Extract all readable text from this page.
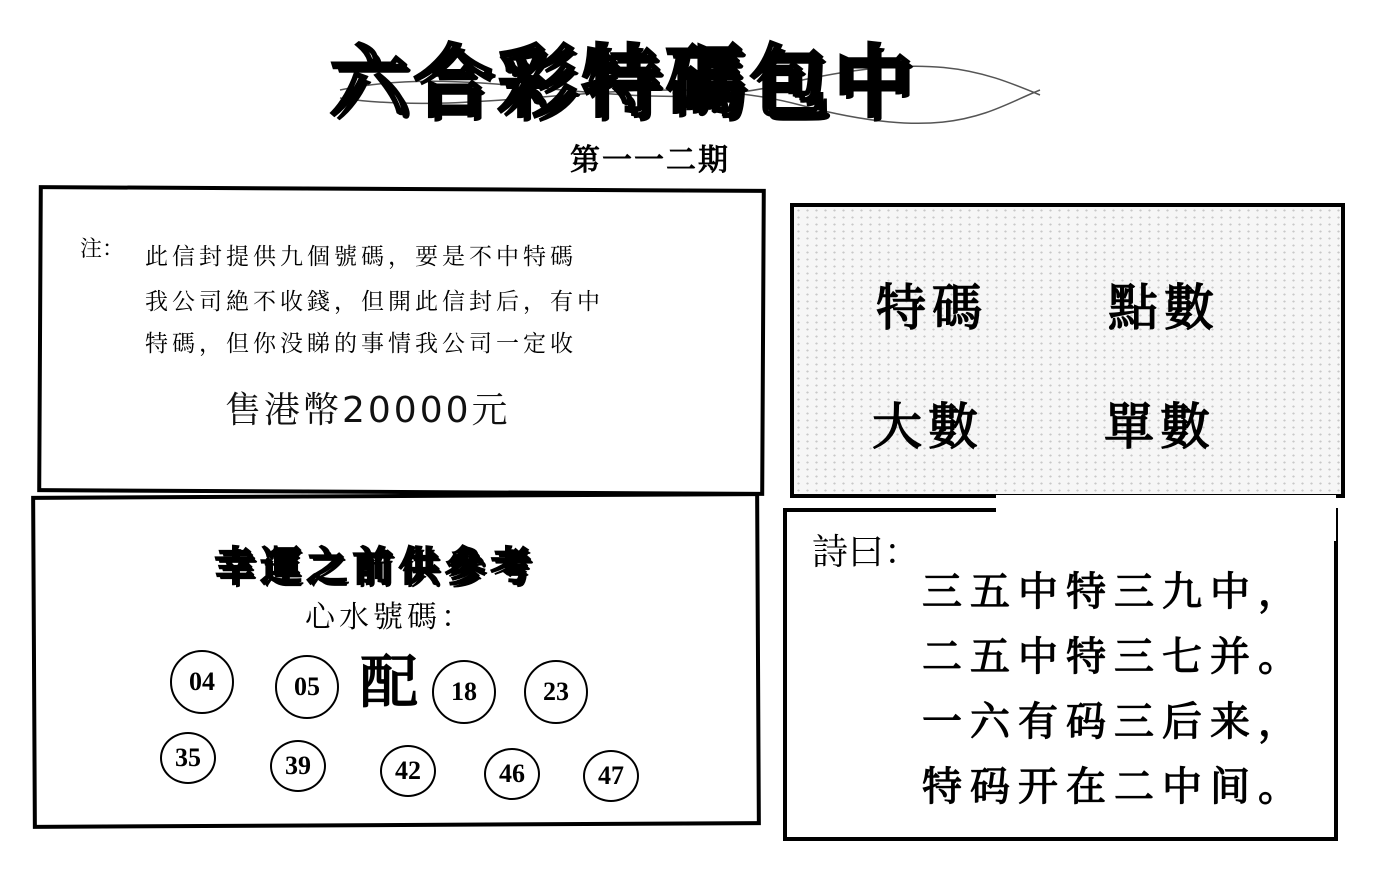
六合彩特碼包中
第一一二期
注： 此信封提供九個號碼，要是不中特碼
我公司絶不收錢，但開此信封后，有中
特碼，但你没睇的事情我公司一定收
售港幣20000元
特碼 點數
大數 單數
幸運之前供參考
心水號碼：
配
04	05	18	23
35	39	42	46	47
詩曰：
三五中特三九中，
二五中特三七并。
一六有码三后来，
特码开在二中间。
